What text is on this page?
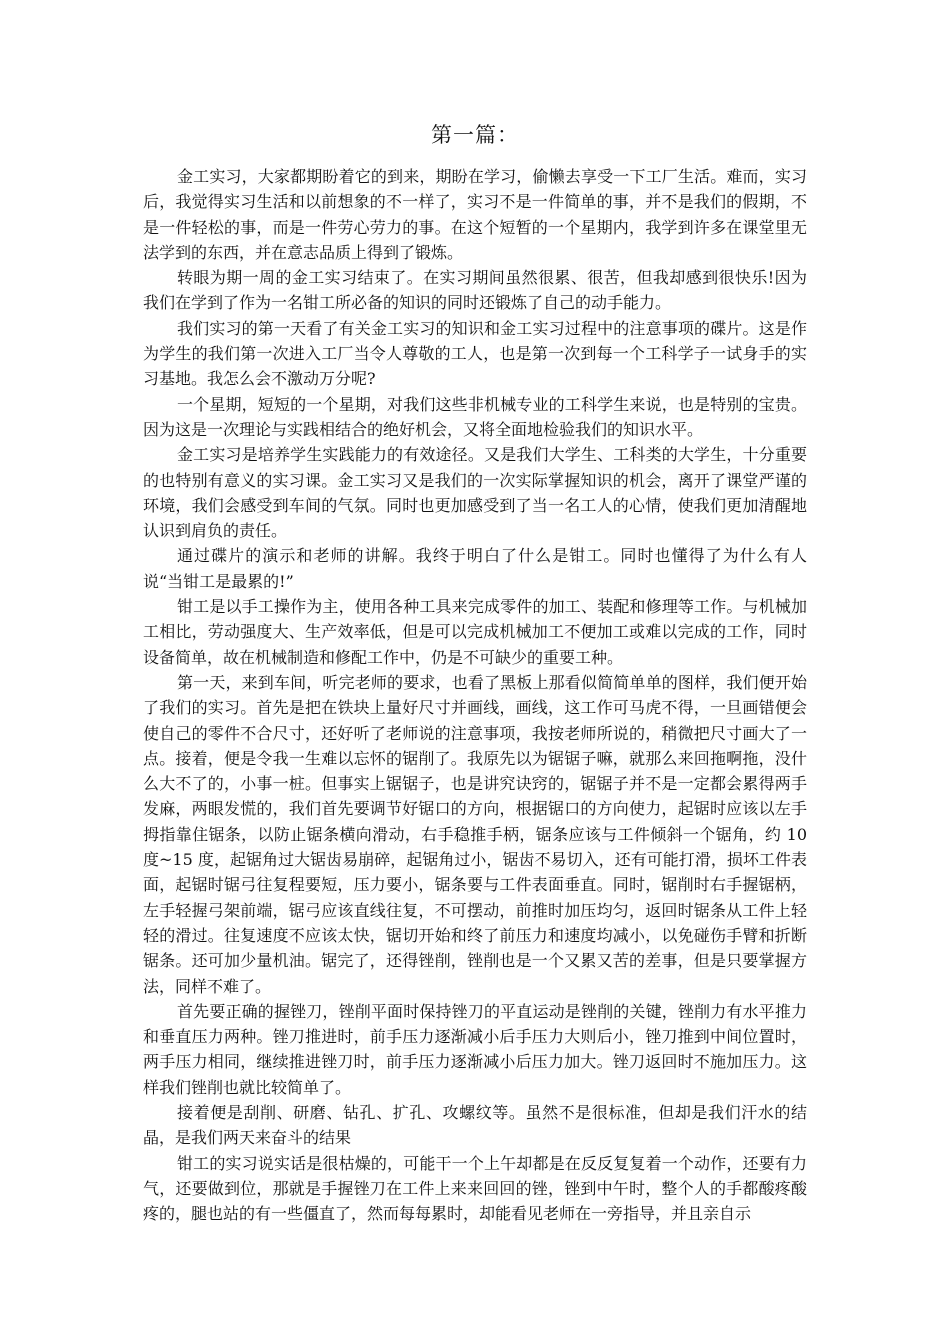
第一篇：

金工实习，大家都期盼着它的到来，期盼在学习，偷懒去享受一下工厂生活。难而，实习后，我觉得实习生活和以前想象的不一样了，实习不是一件简单的事，并不是我们的假期，不是一件轻松的事，而是一件劳心劳力的事。在这个短暂的一个星期内，我学到许多在课堂里无法学到的东西，并在意志品质上得到了锻炼。

转眼为期一周的金工实习结束了。在实习期间虽然很累、很苦，但我却感到很快乐!因为我们在学到了作为一名钳工所必备的知识的同时还锻炼了自己的动手能力。

我们实习的第一天看了有关金工实习的知识和金工实习过程中的注意事项的碟片。这是作为学生的我们第一次进入工厂当令人尊敬的工人，也是第一次到每一个工科学子一试身手的实习基地。我怎么会不激动万分呢?

一个星期，短短的一个星期，对我们这些非机械专业的工科学生来说，也是特别的宝贵。因为这是一次理论与实践相结合的绝好机会，又将全面地检验我们的知识水平。

金工实习是培养学生实践能力的有效途径。又是我们大学生、工科类的大学生，十分重要的也特别有意义的实习课。金工实习又是我们的一次实际掌握知识的机会，离开了课堂严谨的环境，我们会感受到车间的气氛。同时也更加感受到了当一名工人的心情，使我们更加清醒地认识到肩负的责任。

通过碟片的演示和老师的讲解。我终于明白了什么是钳工。同时也懂得了为什么有人说“当钳工是最累的!”

钳工是以手工操作为主，使用各种工具来完成零件的加工、装配和修理等工作。与机械加工相比，劳动强度大、生产效率低，但是可以完成机械加工不便加工或难以完成的工作，同时设备简单，故在机械制造和修配工作中，仍是不可缺少的重要工种。

第一天，来到车间，听完老师的要求，也看了黑板上那看似简简单单的图样，我们便开始了我们的实习。首先是把在铁块上量好尺寸并画线，画线，这工作可马虎不得，一旦画错便会使自己的零件不合尺寸，还好听了老师说的注意事项，我按老师所说的，稍微把尺寸画大了一点。接着，便是令我一生难以忘怀的锯削了。我原先以为锯锯子嘛，就那么来回拖啊拖，没什么大不了的，小事一桩。但事实上锯锯子，也是讲究诀窍的，锯锯子并不是一定都会累得两手发麻，两眼发慌的，我们首先要调节好锯口的方向，根据锯口的方向使力，起锯时应该以左手拇指靠住锯条，以防止锯条横向滑动，右手稳推手柄，锯条应该与工件倾斜一个锯角，约 10 度~15 度，起锯角过大锯齿易崩碎，起锯角过小，锯齿不易切入，还有可能打滑，损坏工件表面，起锯时锯弓往复程要短，压力要小，锯条要与工件表面垂直。同时，锯削时右手握锯柄，左手轻握弓架前端，锯弓应该直线往复，不可摆动，前推时加压均匀，返回时锯条从工件上轻轻的滑过。往复速度不应该太快，锯切开始和终了前压力和速度均减小，以免碰伤手臂和折断锯条。还可加少量机油。锯完了，还得锉削，锉削也是一个又累又苦的差事，但是只要掌握方法，同样不难了。

首先要正确的握锉刀，锉削平面时保持锉刀的平直运动是锉削的关键，锉削力有水平推力和垂直压力两种。锉刀推进时，前手压力逐渐减小后手压力大则后小，锉刀推到中间位置时，两手压力相同，继续推进锉刀时，前手压力逐渐减小后压力加大。锉刀返回时不施加压力。这样我们锉削也就比较简单了。

接着便是刮削、研磨、钻孔、扩孔、攻螺纹等。虽然不是很标准，但却是我们汗水的结晶，是我们两天来奋斗的结果

钳工的实习说实话是很枯燥的，可能干一个上午却都是在反反复复着一个动作，还要有力气，还要做到位，那就是手握锉刀在工件上来来回回的锉，锉到中午时，整个人的手都酸疼酸疼的，腿也站的有一些僵直了，然而每每累时，却能看见老师在一旁指导，并且亲自示
